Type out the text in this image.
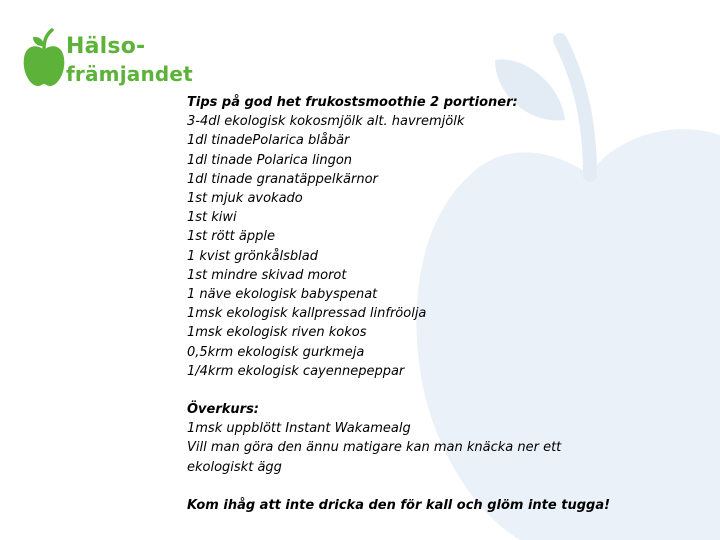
Hälso-
främjandet
Tips på god het frukostsmoothie 2 portioner:
3-4dl ekologisk kokosmjölk alt. havremjölk
1dl tinadePolarica blåbär
1dl tinade Polarica lingon
1dl tinade granatäppelkärnor
1st mjuk avokado
1st kiwi
1st rött äpple
1 kvist grönkålsblad
1st mindre skivad morot
1 näve ekologisk babyspenat
1msk ekologisk kallpressad linfröolja
1msk ekologisk riven kokos
0,5krm ekologisk gurkmeja
1/4krm ekologisk cayennepeppar
Överkurs:
1msk uppblött Instant Wakamealg
Vill man göra den ännu matigare kan man knäcka ner ett ekologiskt ägg
Kom ihåg att inte dricka den för kall och glöm inte tugga!
